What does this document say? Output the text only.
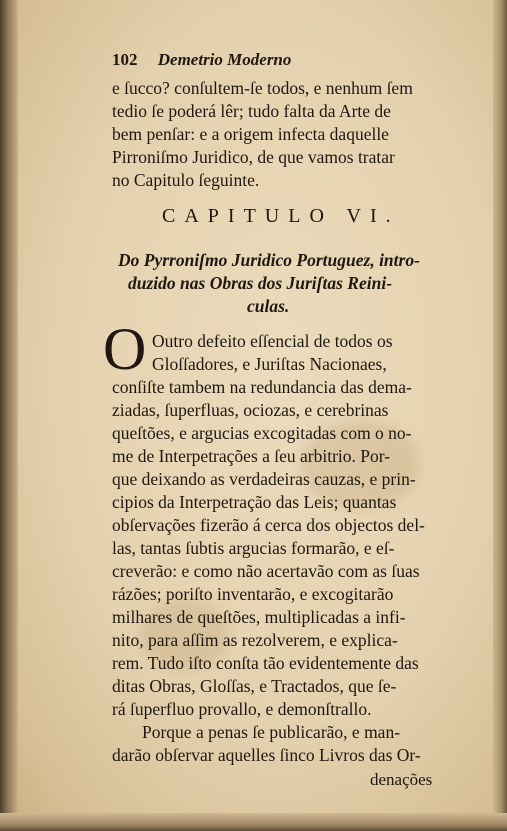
102 Demetrio Moderno
e ſucco? conſultem-ſe todos, e nenhum ſem
tedio ſe poderá lêr; tudo falta da Arte de
bem penſar: e a origem infecta daquelle
Pirroniſmo Juridico, de que vamos tratar
no Capitulo ſeguinte.
CAPITULO VI.
Do Pyrroniſmo Juridico Portuguez, intro-
duzido nas Obras dos Juriſtas Reini-
culas.
O Outro defeito eſſencial de todos os
Gloſſadores, e Juriſtas Nacionaes,
conſiſte tambem na redundancia das dema-
ziadas, ſuperfluas, ociozas, e cerebrinas
queſtões, e argucias excogitadas com o no-
me de Interpetrações a ſeu arbitrio. Por-
que deixando as verdadeiras cauzas, e prin-
cipios da Interpetração das Leis; quantas
obſervações fizerão á cerca dos objectos del-
las, tantas ſubtis argucias formarão, e eſ-
creverão: e como não acertavão com as ſuas
rázões; poriſto inventarão, e excogitarão
milhares de queſtões, multiplicadas a infi-
nito, para aſſim as rezolverem, e explica-
rem. Tudo iſto conſta tão evidentemente das
ditas Obras, Gloſſas, e Tractados, que ſe-
rá ſuperfluo provallo, e demonſtrallo.
Porque a penas ſe publicarão, e man-
darão obſervar aquelles ſinco Livros das Or-
denações
